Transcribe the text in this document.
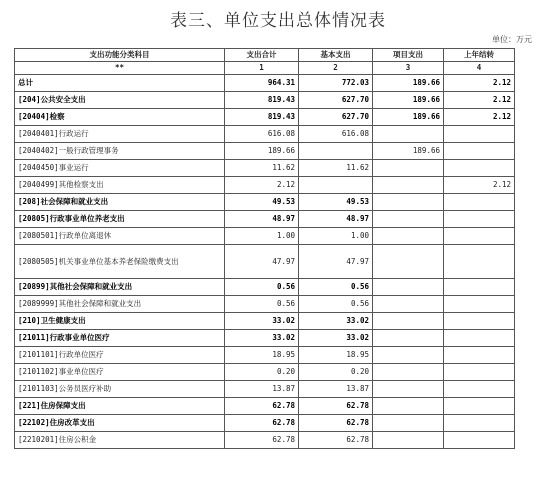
表三、单位支出总体情况表
单位：万元
支出功能分类科目	支出合计	基本支出	项目支出	上年结转
**	1	2	3	4
总计	964.31	772.03	189.66	2.12
[204]公共安全支出	819.43	627.70	189.66	2.12
[20404]检察	819.43	627.70	189.66	2.12
[2040401]行政运行	616.08	616.08		
[2040402]一般行政管理事务	189.66		189.66	
[2040450]事业运行	11.62	11.62		
[2040499]其他检察支出	2.12			2.12
[208]社会保障和就业支出	49.53	49.53		
[20805]行政事业单位养老支出	48.97	48.97		
[2080501]行政单位离退休	1.00	1.00		
[2080505]机关事业单位基本养老保险缴费支出	47.97	47.97		
[20899]其他社会保障和就业支出	0.56	0.56		
[2089999]其他社会保障和就业支出	0.56	0.56		
[210]卫生健康支出	33.02	33.02		
[21011]行政事业单位医疗	33.02	33.02		
[2101101]行政单位医疗	18.95	18.95		
[2101102]事业单位医疗	0.20	0.20		
[2101103]公务员医疗补助	13.87	13.87		
[221]住房保障支出	62.78	62.78		
[22102]住房改革支出	62.78	62.78		
[2210201]住房公积金	62.78	62.78		
